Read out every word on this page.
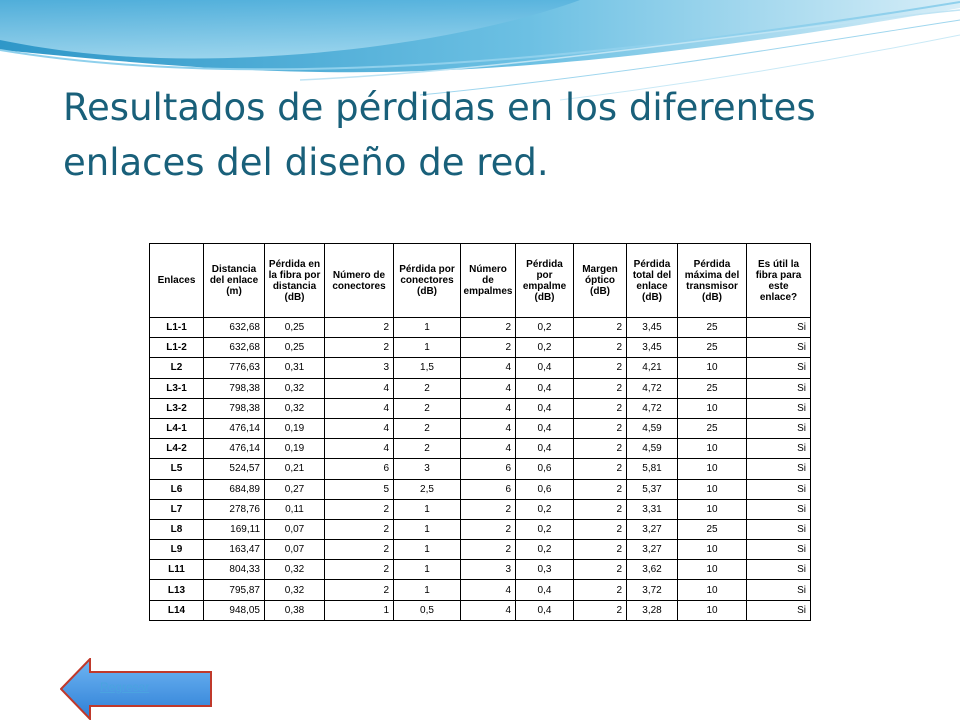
Resultados de pérdidas en los diferentes enlaces del diseño de red.
Enlaces	Distancia del enlace (m)	Pérdida en la fibra por distancia (dB)	Número de conectores	Pérdida por conectores (dB)	Número de empalmes	Pérdida por empalme (dB)	Margen óptico (dB)	Pérdida total del enlace (dB)	Pérdida máxima del transmisor (dB)	Es útil la fibra para este enlace?
L1-1	632,68	0,25	2	1	2	0,2	2	3,45	25	Si
L1-2	632,68	0,25	2	1	2	0,2	2	3,45	25	Si
L2	776,63	0,31	3	1,5	4	0,4	2	4,21	10	Si
L3-1	798,38	0,32	4	2	4	0,4	2	4,72	25	Si
L3-2	798,38	0,32	4	2	4	0,4	2	4,72	10	Si
L4-1	476,14	0,19	4	2	4	0,4	2	4,59	25	Si
L4-2	476,14	0,19	4	2	4	0,4	2	4,59	10	Si
L5	524,57	0,21	6	3	6	0,6	2	5,81	10	Si
L6	684,89	0,27	5	2,5	6	0,6	2	5,37	10	Si
L7	278,76	0,11	2	1	2	0,2	2	3,31	10	Si
L8	169,11	0,07	2	1	2	0,2	2	3,27	25	Si
L9	163,47	0,07	2	1	2	0,2	2	3,27	10	Si
L11	804,33	0,32	2	1	3	0,3	2	3,62	10	Si
L13	795,87	0,32	2	1	4	0,4	2	3,72	10	Si
L14	948,05	0,38	1	0,5	4	0,4	2	3,28	10	Si
Regresar
